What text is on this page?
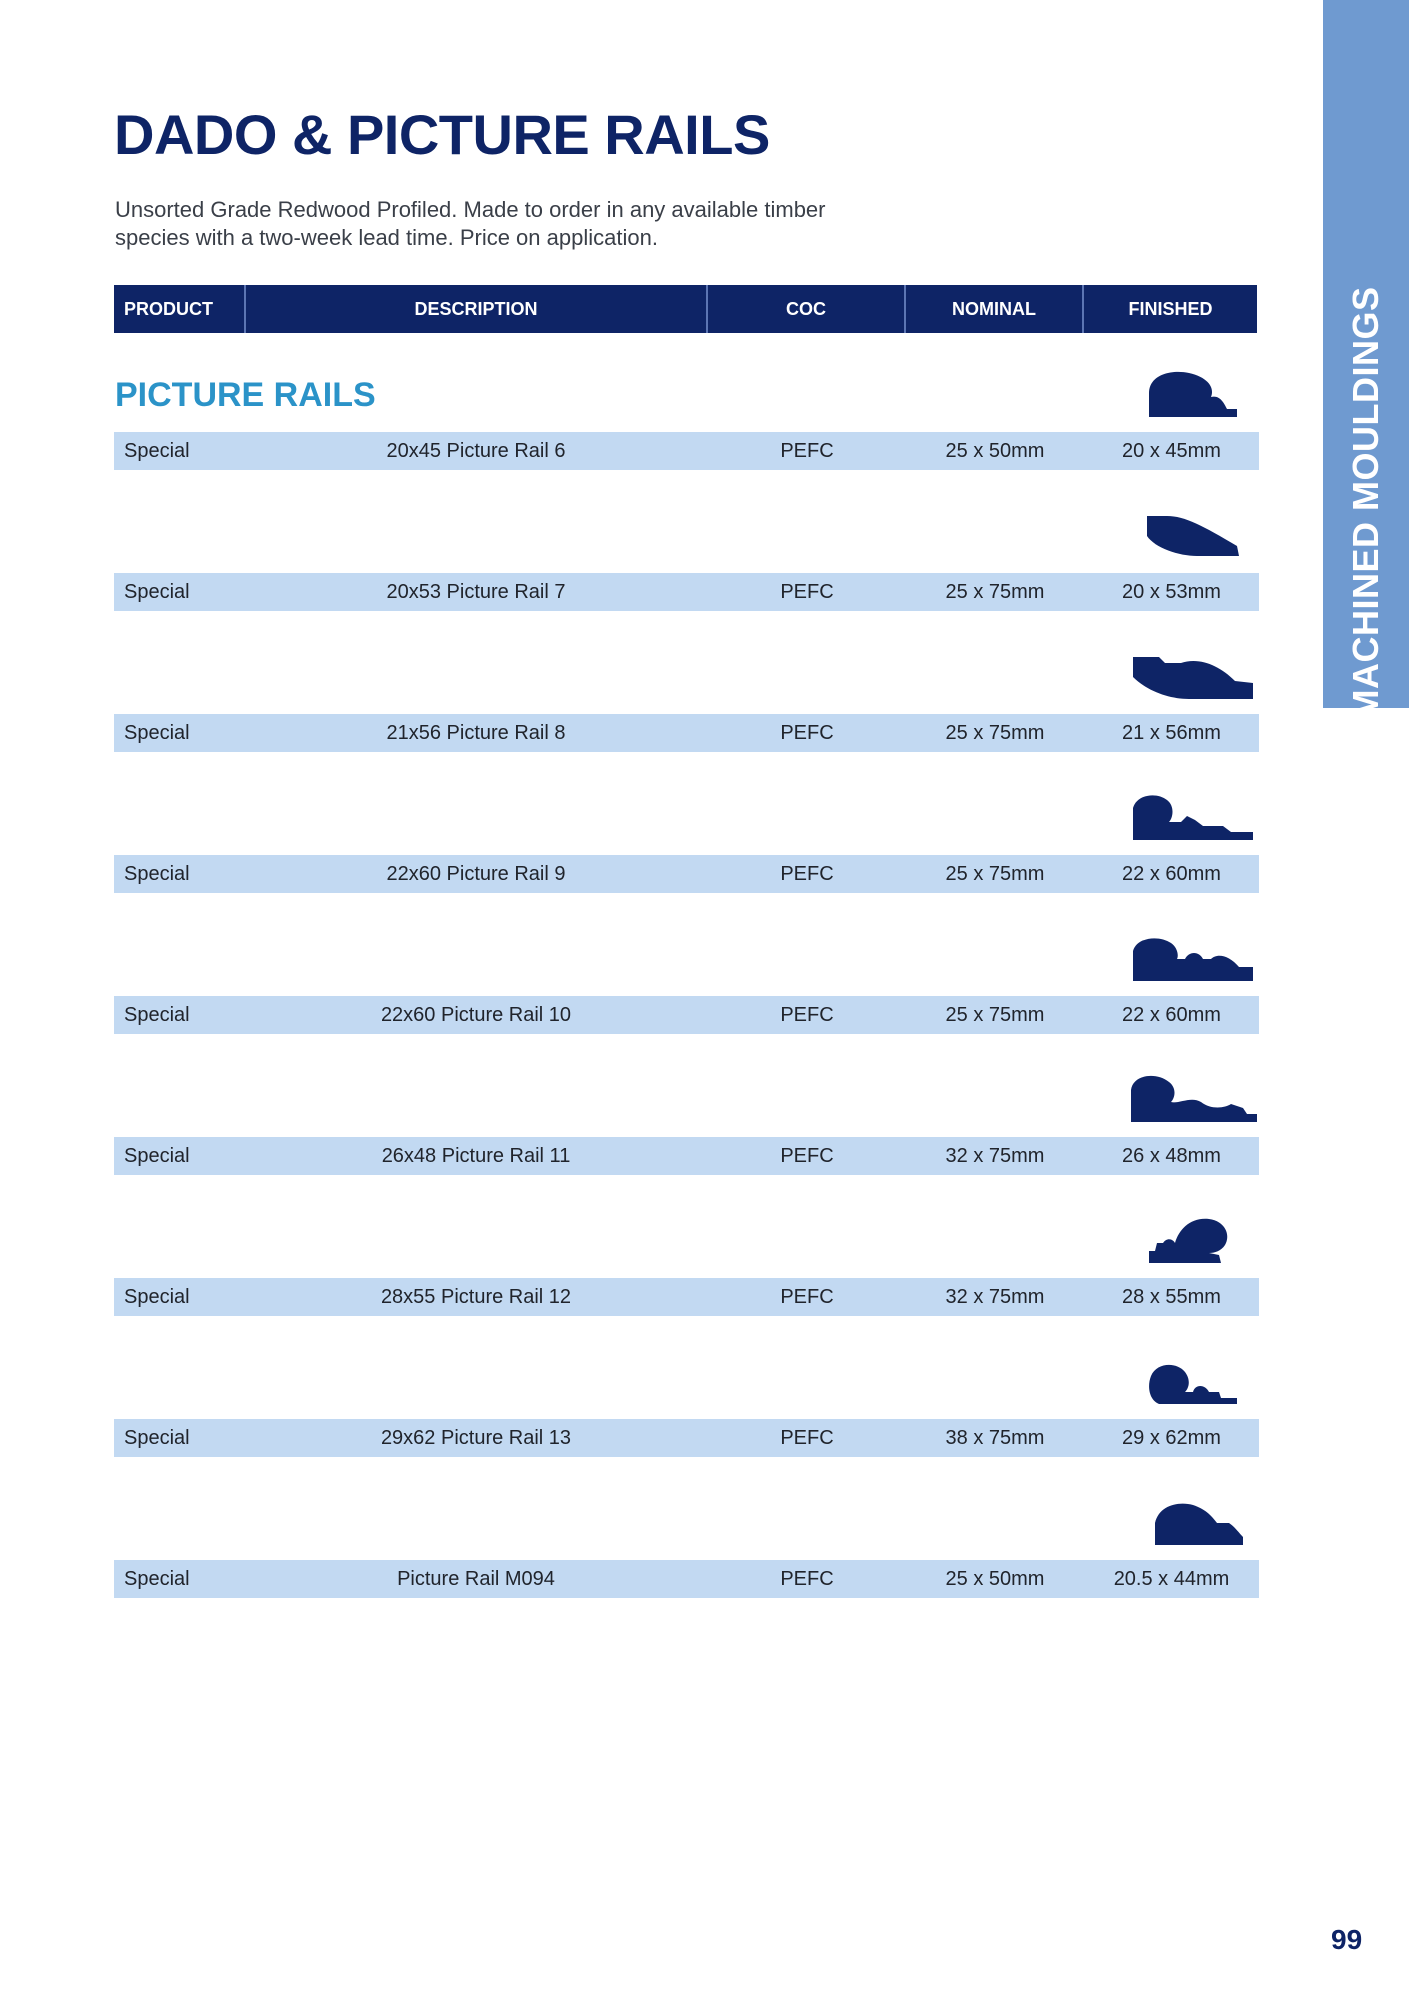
MACHINED MOULDINGS
DADO & PICTURE RAILS
Unsorted Grade Redwood Profiled. Made to order in any available timber
species with a two-week lead time. Price on application.
PRODUCT	DESCRIPTION	COC	NOMINAL	FINISHED
PICTURE RAILS
Special	20x45 Picture Rail 6	PEFC	25 x 50mm	20 x 45mm
Special	20x53 Picture Rail 7	PEFC	25 x 75mm	20 x 53mm
Special	21x56 Picture Rail 8	PEFC	25 x 75mm	21 x 56mm
Special	22x60 Picture Rail 9	PEFC	25 x 75mm	22 x 60mm
Special	22x60 Picture Rail 10	PEFC	25 x 75mm	22 x 60mm
Special	26x48 Picture Rail 11	PEFC	32 x 75mm	26 x 48mm
Special	28x55 Picture Rail 12	PEFC	32 x 75mm	28 x 55mm
Special	29x62 Picture Rail 13	PEFC	38 x 75mm	29 x 62mm
Special	Picture Rail M094	PEFC	25 x 50mm	20.5 x 44mm
99
